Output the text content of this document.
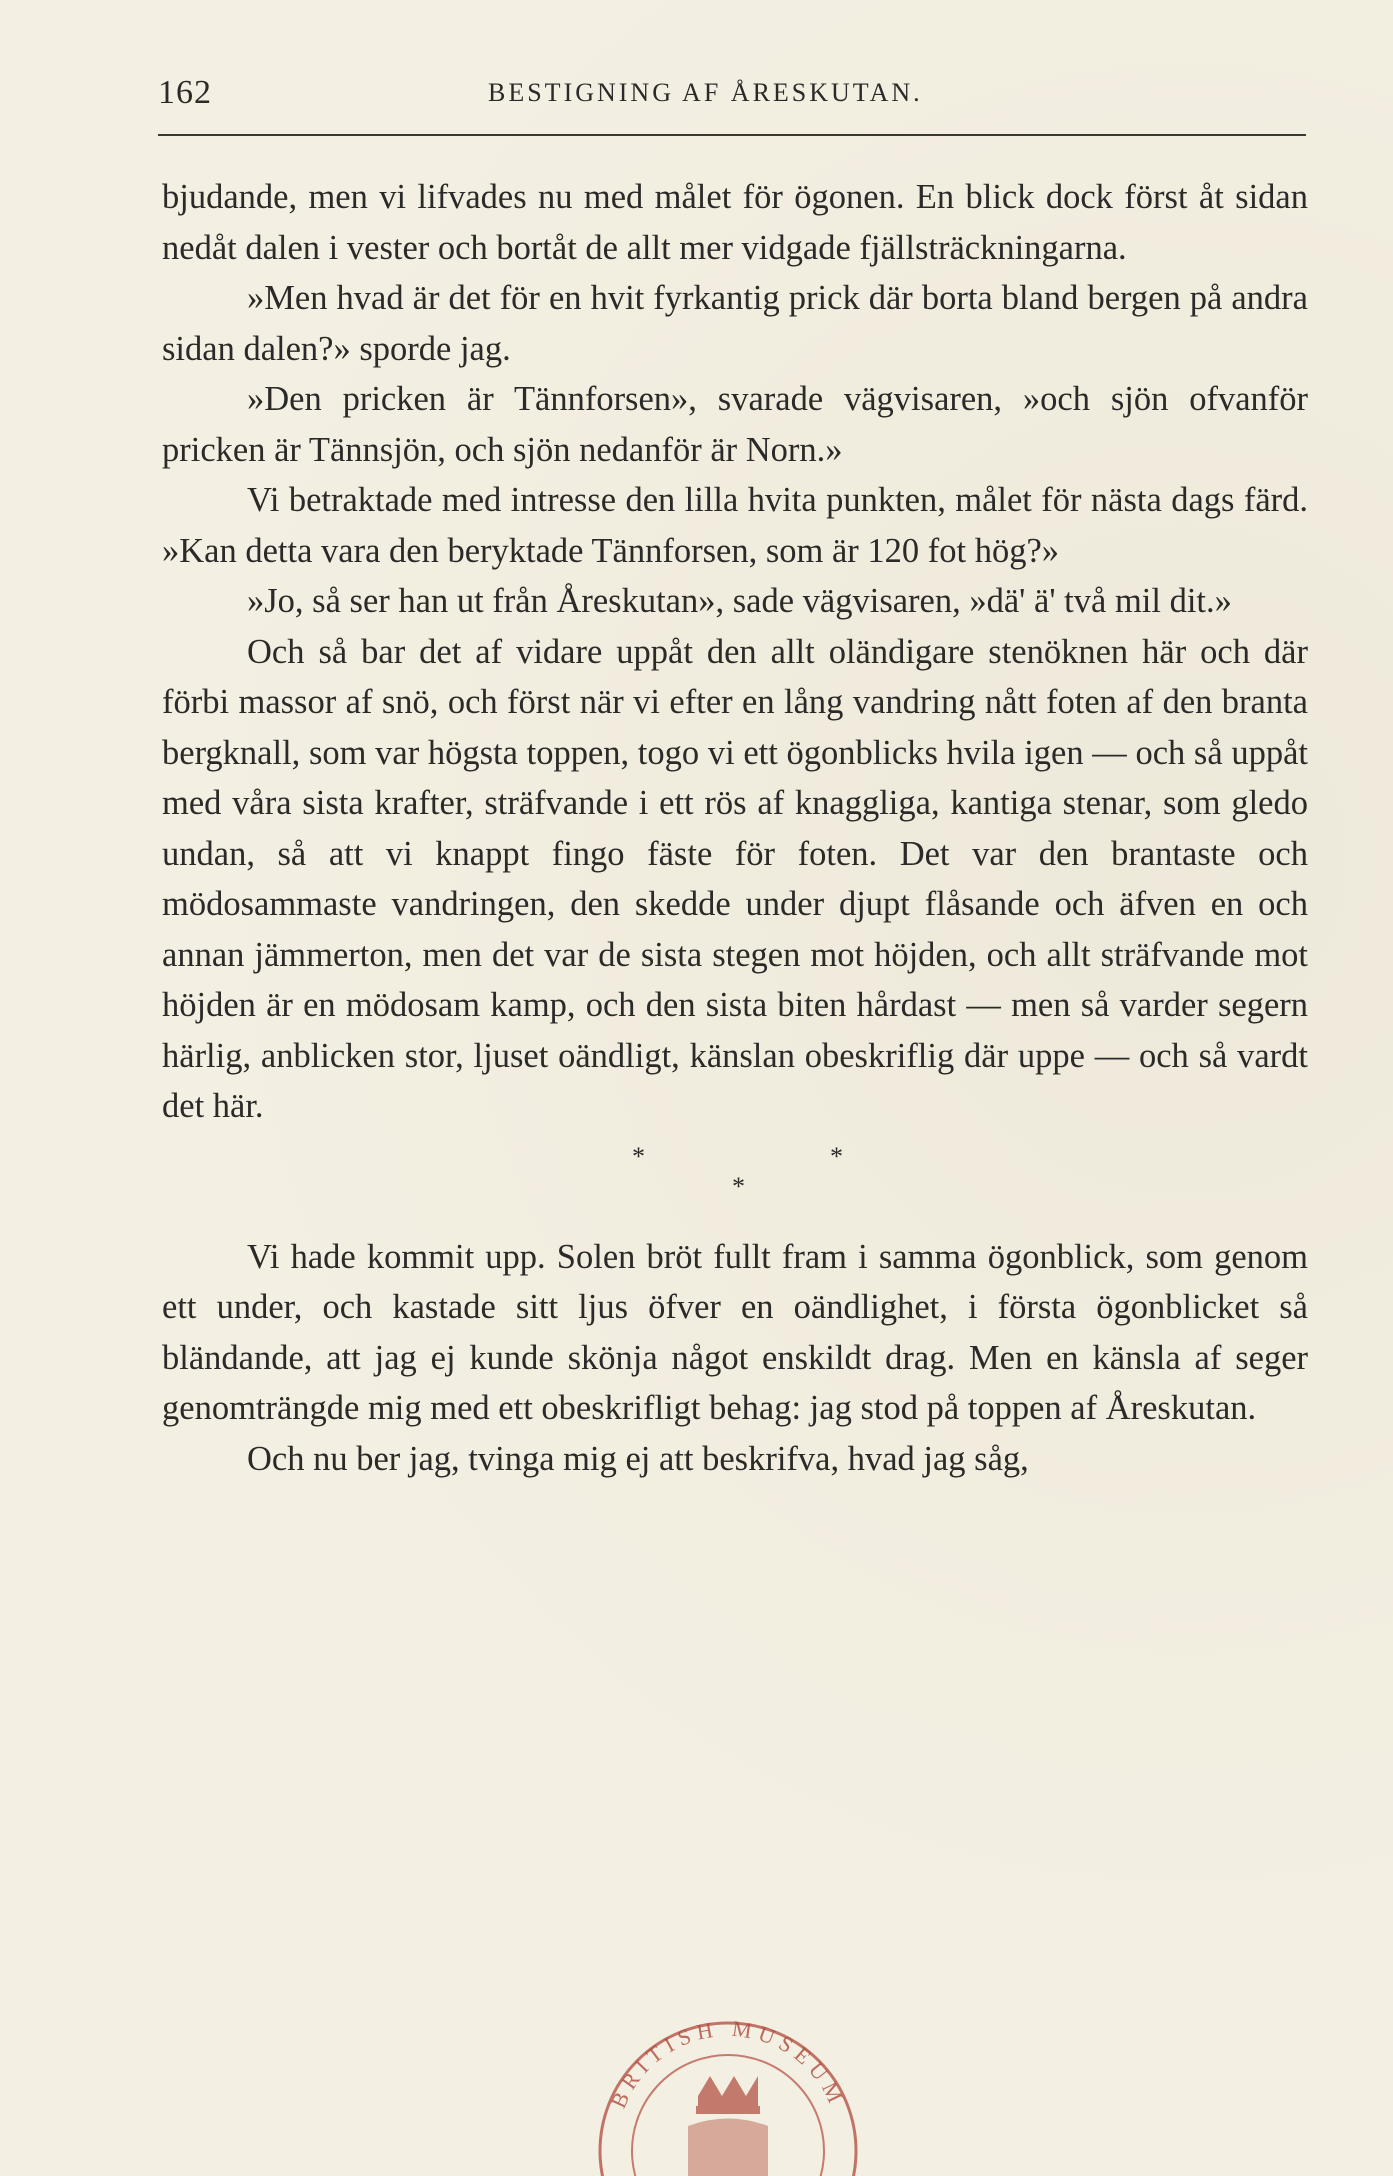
162	BESTIGNING AF ÅRESKUTAN.

bjudande, men vi lifvades nu med målet för ögonen. En blick dock först åt sidan nedåt dalen i vester och bortåt de allt mer vidgade fjällsträckningarna.

»Men hvad är det för en hvit fyrkantig prick där borta bland bergen på andra sidan dalen?» sporde jag.

»Den pricken är Tännforsen», svarade vägvisaren, »och sjön ofvanför pricken är Tännsjön, och sjön nedanför är Norn.»

Vi betraktade med intresse den lilla hvita punkten, målet för nästa dags färd. »Kan detta vara den beryktade Tännforsen, som är 120 fot hög?»

»Jo, så ser han ut från Åreskutan», sade vägvisaren, »dä' ä' två mil dit.»

Och så bar det af vidare uppåt den allt oländigare stenöknen här och där förbi massor af snö, och först när vi efter en lång vandring nått foten af den branta bergknall, som var högsta toppen, togo vi ett ögonblicks hvila igen — och så uppåt med våra sista krafter, sträfvande i ett rös af knaggliga, kantiga stenar, som gledo undan, så att vi knappt fingo fäste för foten. Det var den brantaste och mödosammaste vandringen, den skedde under djupt flåsande och äfven en och annan jämmerton, men det var de sista stegen mot höjden, och allt sträfvande mot höjden är en mödosam kamp, och den sista biten hårdast — men så varder segern härlig, anblicken stor, ljuset oändligt, känslan obeskriflig där uppe — och så vardt det här.

*	*
*

Vi hade kommit upp. Solen bröt fullt fram i samma ögonblick, som genom ett under, och kastade sitt ljus öfver en oändlighet, i första ögonblicket så bländande, att jag ej kunde skönja något enskildt drag. Men en känsla af seger genomträngde mig med ett obeskrifligt behag: jag stod på toppen af Åreskutan.

Och nu ber jag, tvinga mig ej att beskrifva, hvad jag såg,

BRITISH MUSEUM
